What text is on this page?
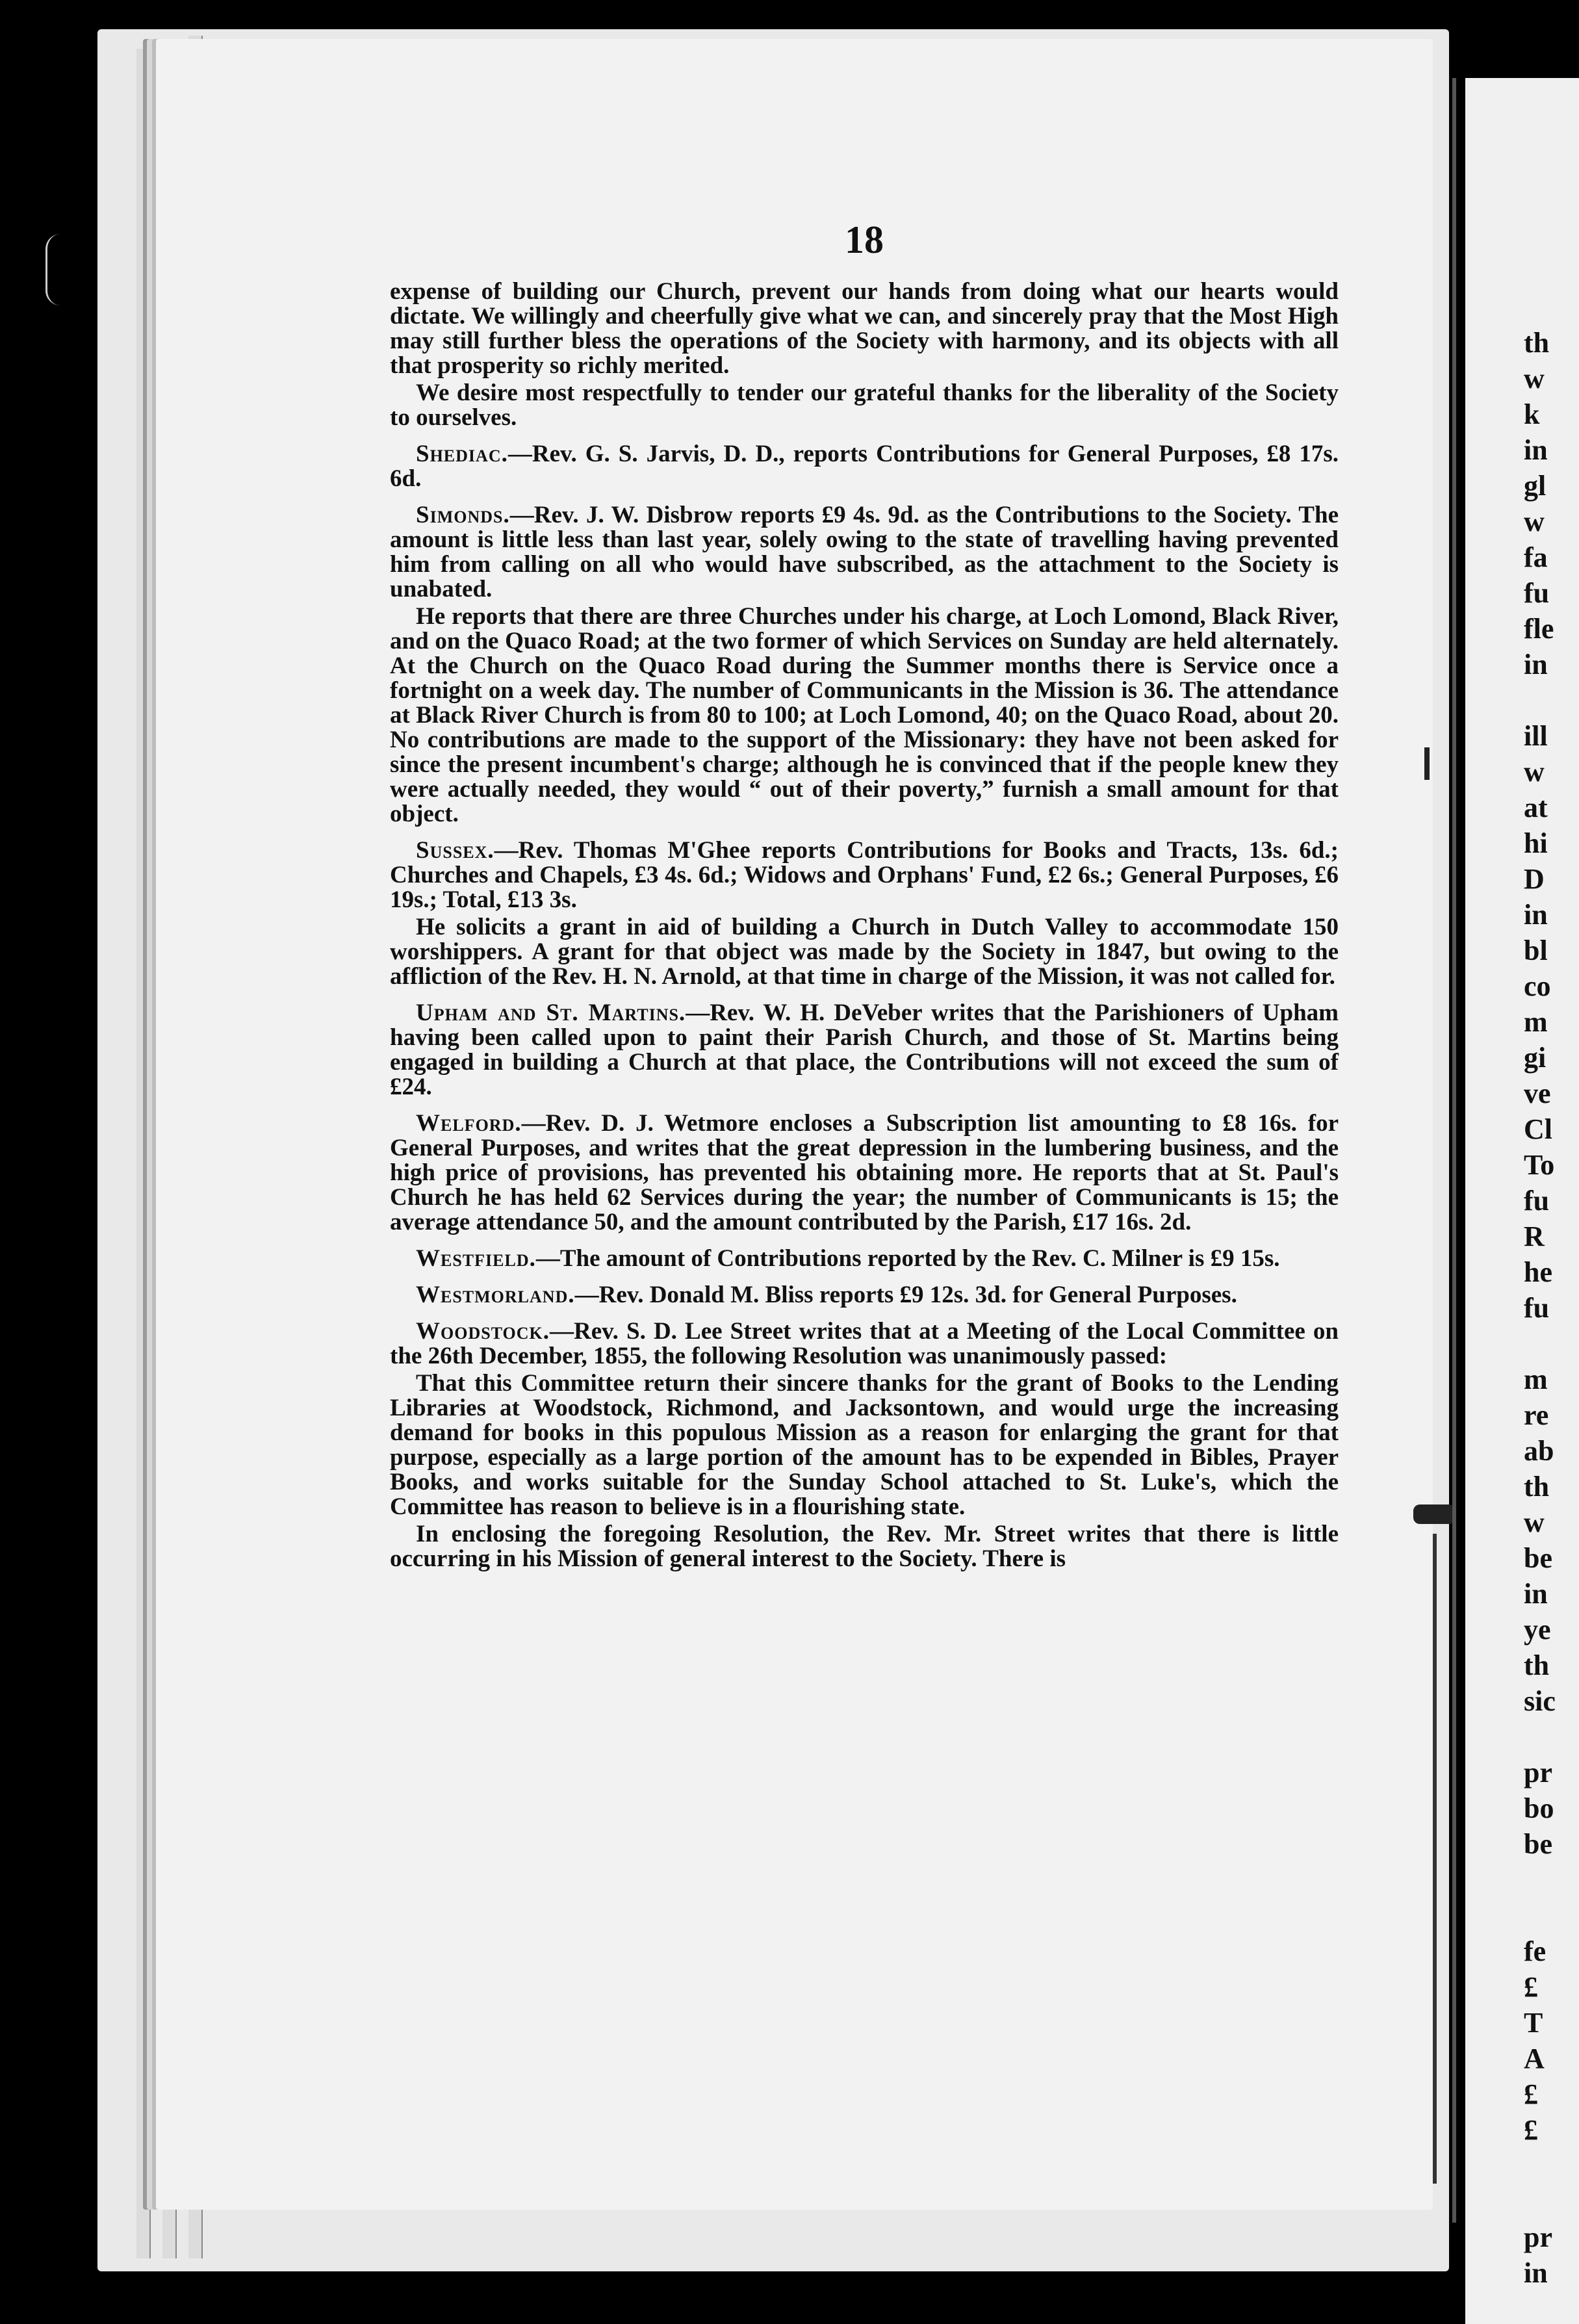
th
w
k
in
gl
w
fa
fu
fle
in
ill
w
at
hi
D
in
bl
co
m
gi
ve
Cl
To
fu
R
he
fu
m
re
ab
th
w
be
in
ye
th
sic
pr
bo
be
fe
£
T
A
£
£
pr
in
18

expense of building our Church, prevent our hands from doing what our hearts would dictate. We willingly and cheerfully give what we can, and sincerely pray that the Most High may still further bless the operations of the Society with harmony, and its objects with all that prosperity so richly merited.

We desire most respectfully to tender our grateful thanks for the liberality of the Society to ourselves.

Shediac.—Rev. G. S. Jarvis, D. D., reports Contributions for General Purposes, £8 17s. 6d.

Simonds.—Rev. J. W. Disbrow reports £9 4s. 9d. as the Contributions to the Society. The amount is little less than last year, solely owing to the state of travelling having prevented him from calling on all who would have subscribed, as the attachment to the Society is unabated.

He reports that there are three Churches under his charge, at Loch Lomond, Black River, and on the Quaco Road; at the two former of which Services on Sunday are held alternately. At the Church on the Quaco Road during the Summer months there is Service once a fortnight on a week day. The number of Communicants in the Mission is 36. The attendance at Black River Church is from 80 to 100; at Loch Lomond, 40; on the Quaco Road, about 20. No contributions are made to the support of the Missionary: they have not been asked for since the present incumbent's charge; although he is convinced that if the people knew they were actually needed, they would “ out of their poverty,” furnish a small amount for that object.

Sussex.—Rev. Thomas M'Ghee reports Contributions for Books and Tracts, 13s. 6d.; Churches and Chapels, £3 4s. 6d.; Widows and Orphans' Fund, £2 6s.; General Purposes, £6 19s.; Total, £13 3s.

He solicits a grant in aid of building a Church in Dutch Valley to accommodate 150 worshippers. A grant for that object was made by the Society in 1847, but owing to the affliction of the Rev. H. N. Arnold, at that time in charge of the Mission, it was not called for.

Upham and St. Martins.—Rev. W. H. DeVeber writes that the Parishioners of Upham having been called upon to paint their Parish Church, and those of St. Martins being engaged in building a Church at that place, the Contributions will not exceed the sum of £24.

Welford.—Rev. D. J. Wetmore encloses a Subscription list amounting to £8 16s. for General Purposes, and writes that the great depression in the lumbering business, and the high price of provisions, has prevented his obtaining more. He reports that at St. Paul's Church he has held 62 Services during the year; the number of Communicants is 15; the average attendance 50, and the amount contributed by the Parish, £17 16s. 2d.

Westfield.—The amount of Contributions reported by the Rev. C. Milner is £9 15s.

Westmorland.—Rev. Donald M. Bliss reports £9 12s. 3d. for General Purposes.

Woodstock.—Rev. S. D. Lee Street writes that at a Meeting of the Local Committee on the 26th December, 1855, the following Resolution was unanimously passed:

That this Committee return their sincere thanks for the grant of Books to the Lending Libraries at Woodstock, Richmond, and Jacksontown, and would urge the increasing demand for books in this populous Mission as a reason for enlarging the grant for that purpose, especially as a large portion of the amount has to be expended in Bibles, Prayer Books, and works suitable for the Sunday School attached to St. Luke's, which the Committee has reason to believe is in a flourishing state.

In enclosing the foregoing Resolution, the Rev. Mr. Street writes that there is little occurring in his Mission of general interest to the Society. There is
